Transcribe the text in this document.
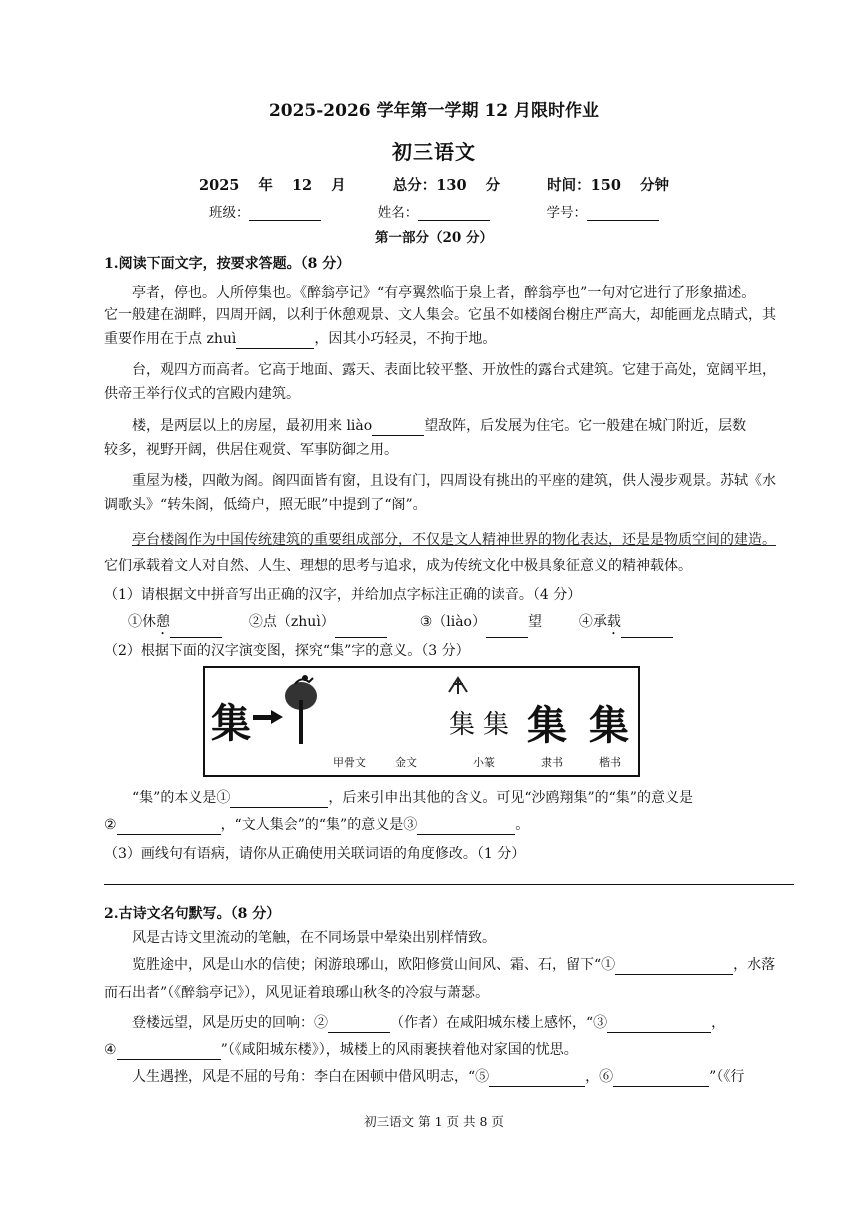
2025-2026 学年第一学期 12 月限时作业
初三语文
2025 年 12 月	总分：130 分	时间：150 分钟
班级：	姓名：	学号：
第一部分（20 分）
1.阅读下面文字，按要求答题。（8 分）
亭者，停也。人所停集也。《醉翁亭记》“有亭翼然临于泉上者，醉翁亭也”一句对它进行了形象描述。
它一般建在湖畔，四周开阔，以利于休憩观景、文人集会。它虽不如楼阁台榭庄严高大，却能画龙点睛式，其
重要作用在于点 zhuì	，因其小巧轻灵，不拘于地。
台，观四方而高者。它高于地面、露天、表面比较平整、开放性的露台式建筑。它建于高处，宽阔平坦，
供帝王举行仪式的宫殿内建筑。
楼，是两层以上的房屋，最初用来 liào	望敌阵，后发展为住宅。它一般建在城门附近，层数
较多，视野开阔，供居住观赏、军事防御之用。
重屋为楼，四敞为阁。阁四面皆有窗，且设有门，四周设有挑出的平座的建筑，供人漫步观景。苏轼《水
调歌头》“转朱阁，低绮户，照无眠”中提到了“阁”。
亭台楼阁作为中国传统建筑的重要组成部分，不仅是文人精神世界的物化表达，还是是物质空间的建造。
它们承载着文人对自然、人生、理想的思考与追求，成为传统文化中极具象征意义的精神载体。
（1）请根据文中拼音写出正确的汉字，并给加点字标注正确的读音。（4 分）
①休憩	②点（zhuì）	③（liào）	望	④承载
（2）根据下面的汉字演变图，探究“集”字的意义。（3 分）
集	集 集 集 集
甲骨文	金文	小篆	隶书	楷书
“集”的本义是①	，后来引申出其他的含义。可见“沙鸥翔集”的“集”的意义是
②	，“文人集会”的“集”的意义是③	。
（3）画线句有语病，请你从正确使用关联词语的角度修改。（1 分）
2.古诗文名句默写。（8 分）
风是古诗文里流动的笔触，在不同场景中晕染出别样情致。
览胜途中，风是山水的信使；闲游琅琊山，欧阳修赏山间风、霜、石，留下“①	，水落
而石出者”（《醉翁亭记》），风见证着琅琊山秋冬的冷寂与萧瑟。
登楼远望，风是历史的回响：②	（作者）在咸阳城东楼上感怀，“③	，
④	”（《咸阳城东楼》），城楼上的风雨裹挟着他对家国的忧思。
人生遇挫，风是不屈的号角：李白在困顿中借风明志，“⑤	，⑥	”（《行
初三语文 第 1 页 共 8 页
